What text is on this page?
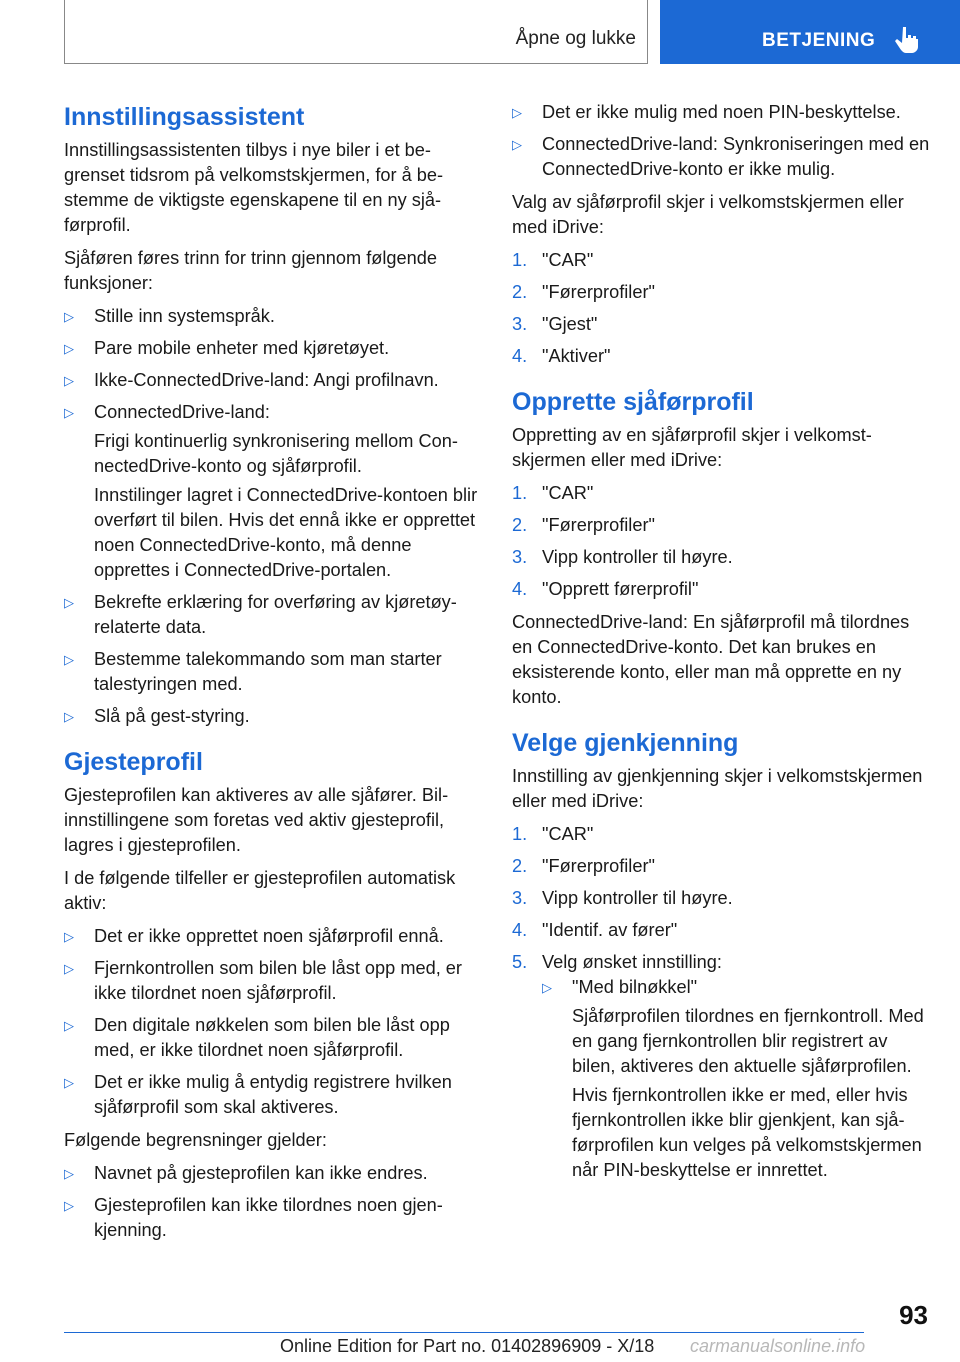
Åpne og lukke	BETJENING
Innstillingsassistent

Innstillingsassistenten tilbys i nye biler i et begrenset tidsrom på velkomstskjermen, for å bestemme de viktigste egenskapene til en ny sjåførprofil.

Sjåføren føres trinn for trinn gjennom følgende funksjoner:

▷ Stille inn systemspråk.
▷ Pare mobile enheter med kjøretøyet.
▷ Ikke-ConnectedDrive-land: Angi profilnavn.
▷ ConnectedDrive-land:

Frigi kontinuerlig synkronisering mellom ConnectedDrive-konto og sjåførprofil.

Innstilinger lagret i ConnectedDrive-kontoen blir overført til bilen. Hvis det ennå ikke er opprettet noen ConnectedDrive-konto, må denne opprettes i ConnectedDrive-portalen.

▷ Bekrefte erklæring for overføring av kjøretøyrelaterte data.
▷ Bestemme talekommando som man starter talestyringen med.
▷ Slå på gest-styring.
Gjesteprofil

Gjesteprofilen kan aktiveres av alle sjåfører. Bilinnstillingene som foretas ved aktiv gjesteprofil, lagres i gjesteprofilen.

I de følgende tilfeller er gjesteprofilen automatisk aktiv:

▷ Det er ikke opprettet noen sjåførprofil ennå.
▷ Fjernkontrollen som bilen ble låst opp med, er ikke tilordnet noen sjåførprofil.
▷ Den digitale nøkkelen som bilen ble låst opp med, er ikke tilordnet noen sjåførprofil.
▷ Det er ikke mulig å entydig registrere hvilken sjåførprofil som skal aktiveres.

Følgende begrensninger gjelder:

▷ Navnet på gjesteprofilen kan ikke endres.
▷ Gjesteprofilen kan ikke tilordnes noen gjenkjenning.
▷ Det er ikke mulig med noen PIN-beskyttelse.
▷ ConnectedDrive-land: Synkroniseringen med en ConnectedDrive-konto er ikke mulig.

Valg av sjåførprofil skjer i velkomstskjermen eller med iDrive:

1. "CAR"
2. "Førerprofiler"
3. "Gjest"
4. "Aktiver"
Opprette sjåførprofil

Oppretting av en sjåførprofil skjer i velkomstskjermen eller med iDrive:

1. "CAR"
2. "Førerprofiler"
3. Vipp kontroller til høyre.
4. "Opprett førerprofil"

ConnectedDrive-land: En sjåførprofil må tilordnes en ConnectedDrive-konto. Det kan brukes en eksisterende konto, eller man må opprette en ny konto.

Velge gjenkjenning

Innstilling av gjenkjenning skjer i velkomstskjermen eller med iDrive:

1. "CAR"
2. "Førerprofiler"
3. Vipp kontroller til høyre.
4. "Identif. av fører"
5. Velg ønsket innstilling:
▷ "Med bilnøkkel"

Sjåførprofilen tilordnes en fjernkontroll. Med en gang fjernkontrollen blir registrert av bilen, aktiveres den aktuelle sjåførprofilen.

Hvis fjernkontrollen ikke er med, eller hvis fjernkontrollen ikke blir gjenkjent, kan sjåførprofilen kun velges på velkomstskjermen når PIN-beskyttelse er innrettet.

93
Online Edition for Part no. 01402896909 - X/18 carmanualsonline.info
